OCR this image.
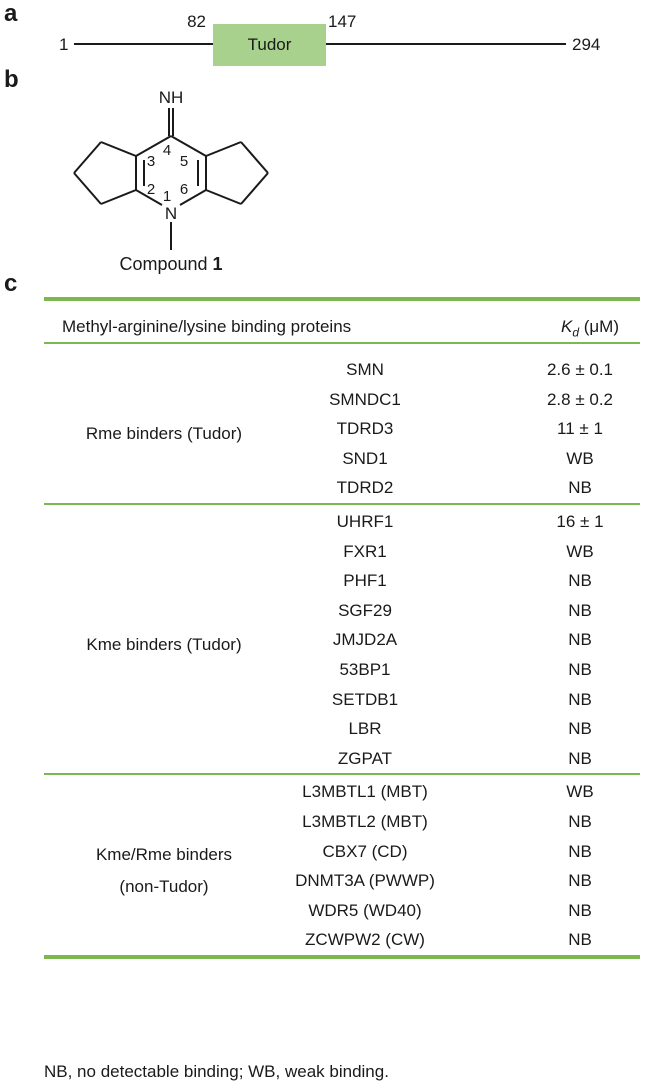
a
b
c
1
82
Tudor
147
294
NH
N
1
2
3
4
5
6
Compound 1
Methyl-arginine/lysine binding proteins	$K_d$ (μM)
SMN	2.6 ± 0.1
SMNDC1	2.8 ± 0.2
TDRD3	11 ± 1
SND1	WB
TDRD2	NB
Rme binders (Tudor)
UHRF1	16 ± 1
FXR1	WB
PHF1	NB
SGF29	NB
JMJD2A	NB
53BP1	NB
SETDB1	NB
LBR	NB
ZGPAT	NB
Kme binders (Tudor)
L3MBTL1 (MBT)	WB
L3MBTL2 (MBT)	NB
CBX7 (CD)	NB
DNMT3A (PWWP)	NB
WDR5 (WD40)	NB
ZCWPW2 (CW)	NB
Kme/Rme binders
(non-Tudor)
NB, no detectable binding; WB, weak binding.
